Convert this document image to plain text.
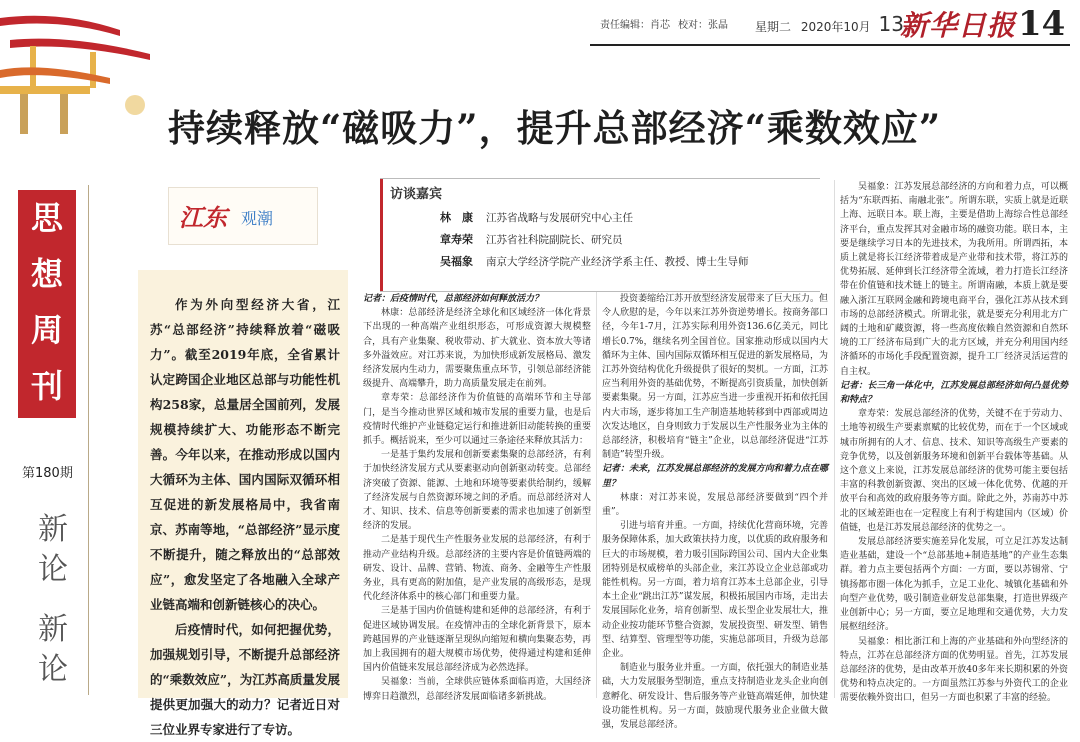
责任编辑：肖芯 校对：张晶 星期二 2020年10月 13
新华日报 14
持续释放“磁吸力”，提升总部经济“乘数效应”
思
想
周
刊
第180期
新
论
新
论
江东 观潮

作为外向型经济大省，江苏“总部经济”持续释放着“磁吸力”。截至2019年底，全省累计认定跨国企业地区总部与功能性机构258家，总量居全国前列，发展规模持续扩大、功能形态不断完善。今年以来，在推动形成以国内大循环为主体、国内国际双循环相互促进的新发展格局中，我省南京、苏南等地，“总部经济”显示度不断提升，随之释放出的“总部效应”，愈发坚定了各地融入全球产业链高端和创新链核心的决心。

后疫情时代，如何把握优势，加强规划引导，不断提升总部经济的“乘数效应”，为江苏高质量发展提供更加强大的动力？记者近日对三位业界专家进行了专访。

访谈嘉宾
林　康 江苏省战略与发展研究中心主任
章寿荣 江苏省社科院副院长、研究员
吴福象 南京大学经济学院产业经济学系主任、教授、博士生导师

记者：后疫情时代，总部经济如何释放活力？

林康：总部经济是经济全球化和区域经济一体化背景下出现的一种高端产业组织形态，可形成资源大规模整合，具有产业集聚、税收带动、扩大就业、资本放大等诸多外溢效应。对江苏来说，为加快形成新发展格局、激发经济发展内生动力，需要聚焦重点环节，引领总部经济能级提升、高端攀升，助力高质量发展走在前列。

章寿荣：总部经济作为价值链的高端环节和主导部门，是当今推动世界区域和城市发展的重要力量，也是后疫情时代维护产业链稳定运行和推进新旧动能转换的重要抓手。概括说来，至少可以通过三条途径来释放其活力：

一是基于集约发展和创新要素集聚的总部经济，有利于加快经济发展方式从要素驱动向创新驱动转变。总部经济突破了资源、能源、土地和环境等要素供给制约，缓解了经济发展与自然资源环境之间的矛盾。而总部经济对人才、知识、技术、信息等创新要素的需求也加速了创新型经济的发展。

二是基于现代生产性服务业发展的总部经济，有利于推动产业结构升级。总部经济的主要内容是价值链两端的研发、设计、品牌、营销、物流、商务、金融等生产性服务业，具有更高的附加值，是产业发展的高级形态，是现代化经济体系中的核心部门和重要力量。

三是基于国内价值链构建和延伸的总部经济，有利于促进区域协调发展。在疫情冲击的全球化新背景下，原本跨越国界的产业链逐渐呈现纵向缩短和横向集聚态势，再加上我国拥有的超大规模市场优势，使得通过构建和延伸国内价值链来发展总部经济成为必然选择。

吴福象：当前，全球供应链体系面临再造，大国经济博弈日趋激烈，总部经济发展面临诸多新挑战。

投资萎缩给江苏开放型经济发展带来了巨大压力。但令人欣慰的是，今年以来江苏外资逆势增长。按商务部口径，今年1-7月，江苏实际利用外资136.6亿美元，同比增长0.7%，继续名列全国首位。国家推动形成以国内大循环为主体、国内国际双循环相互促进的新发展格局，为江苏外资结构优化升级提供了很好的契机。一方面，江苏应当利用外资的基础优势，不断提高引资质量，加快创新要素集聚。另一方面，江苏应当进一步重视开拓和依托国内大市场，逐步将加工生产制造基地转移到中西部或周边次发达地区，自身则致力于发展以生产性服务业为主体的总部经济，积极培育“链主”企业，以总部经济促进“江苏制造”转型升级。

记者：未来，江苏发展总部经济的发展方向和着力点在哪里？

林康：对江苏来说，发展总部经济要做到“四个并重”。

引进与培育并重。一方面，持续优化营商环境，完善服务保障体系，加大政策扶持力度，以优质的政府服务和巨大的市场规模，着力吸引国际跨国公司、国内大企业集团特别是权威榜单的头部企业，来江苏设立企业总部或功能性机构。另一方面，着力培育江苏本土总部企业，引导本土企业“跳出江苏”谋发展，积极拓展国内市场，走出去发展国际化业务，培育创新型、成长型企业发展壮大，推动企业按功能环节整合资源，发展投资型、研发型、销售型、结算型、管理型等功能，实施总部项目，升级为总部企业。

制造业与服务业并重。一方面，依托强大的制造业基础，大力发展服务型制造，重点支持制造业龙头企业向创意孵化、研发设计、售后服务等产业链高端延伸，加快建设功能性机构。另一方面，鼓励现代服务业企业做大做强，发展总部经济。

吴福象：江苏发展总部经济的方向和着力点，可以概括为“东联西拓、南融北张”。所谓东联，实质上就是近联上海、远联日本。联上海，主要是借助上海综合性总部经济平台，重点发挥其对金融市场的融资功能。联日本，主要是继续学习日本的先进技术，为我所用。所谓西拓，本质上就是将长江经济带着成是产业带和技术带，将江苏的优势拓展、延伸到长江经济带全流域，着力打造长江经济带在价值链和技术链上的链主。所谓南融，本质上就是要融入浙江互联网金融和跨境电商平台，强化江苏从技术到市场的总部经济模式。所谓北张，就是要充分利用北方广阔的土地和矿藏资源，将一些高度依赖自然资源和自然环境的工厂经济布局到广大的北方区域，并充分利用国内经济循环的市场化手段配置资源，提升工厂经济灵活运营的自主权。

记者：长三角一体化中，江苏发展总部经济如何凸显优势和特点？

章寿荣：发展总部经济的优势，关键不在于劳动力、土地等初级生产要素禀赋的比较优势，而在于一个区域或城市所拥有的人才、信息、技术、知识等高级生产要素的竞争优势，以及创新服务环境和创新平台载体等基础。从这个意义上来说，江苏发展总部经济的优势可能主要包括丰富的科教创新资源、突出的区域一体化优势、优越的开放平台和高效的政府服务等方面。除此之外，苏南苏中苏北的区域差距也在一定程度上有利于构建国内（区域）价值链，也是江苏发展总部经济的优势之一。

发展总部经济要实施差异化发展，可立足江苏发达制造业基础，建设一个“总部基地+制造基地”的产业生态集群。着力点主要包括两个方面：一方面，要以苏锡常、宁镇扬都市圈一体化为抓手，立足工业化、城镇化基础和外向型产业优势，吸引制造业研发总部集聚，打造世界级产业创新中心；另一方面，要立足地理和交通优势，大力发展枢纽经济。

吴福象：相比浙江和上海的产业基础和外向型经济的特点，江苏在总部经济方面的优势明显。首先，江苏发展总部经济的优势，是由改革开放40多年来长期积累的外资优势和特点决定的。一方面虽然江苏参与外资代工的企业需要依赖外资出口，但另一方面也积累了丰富的经验。
